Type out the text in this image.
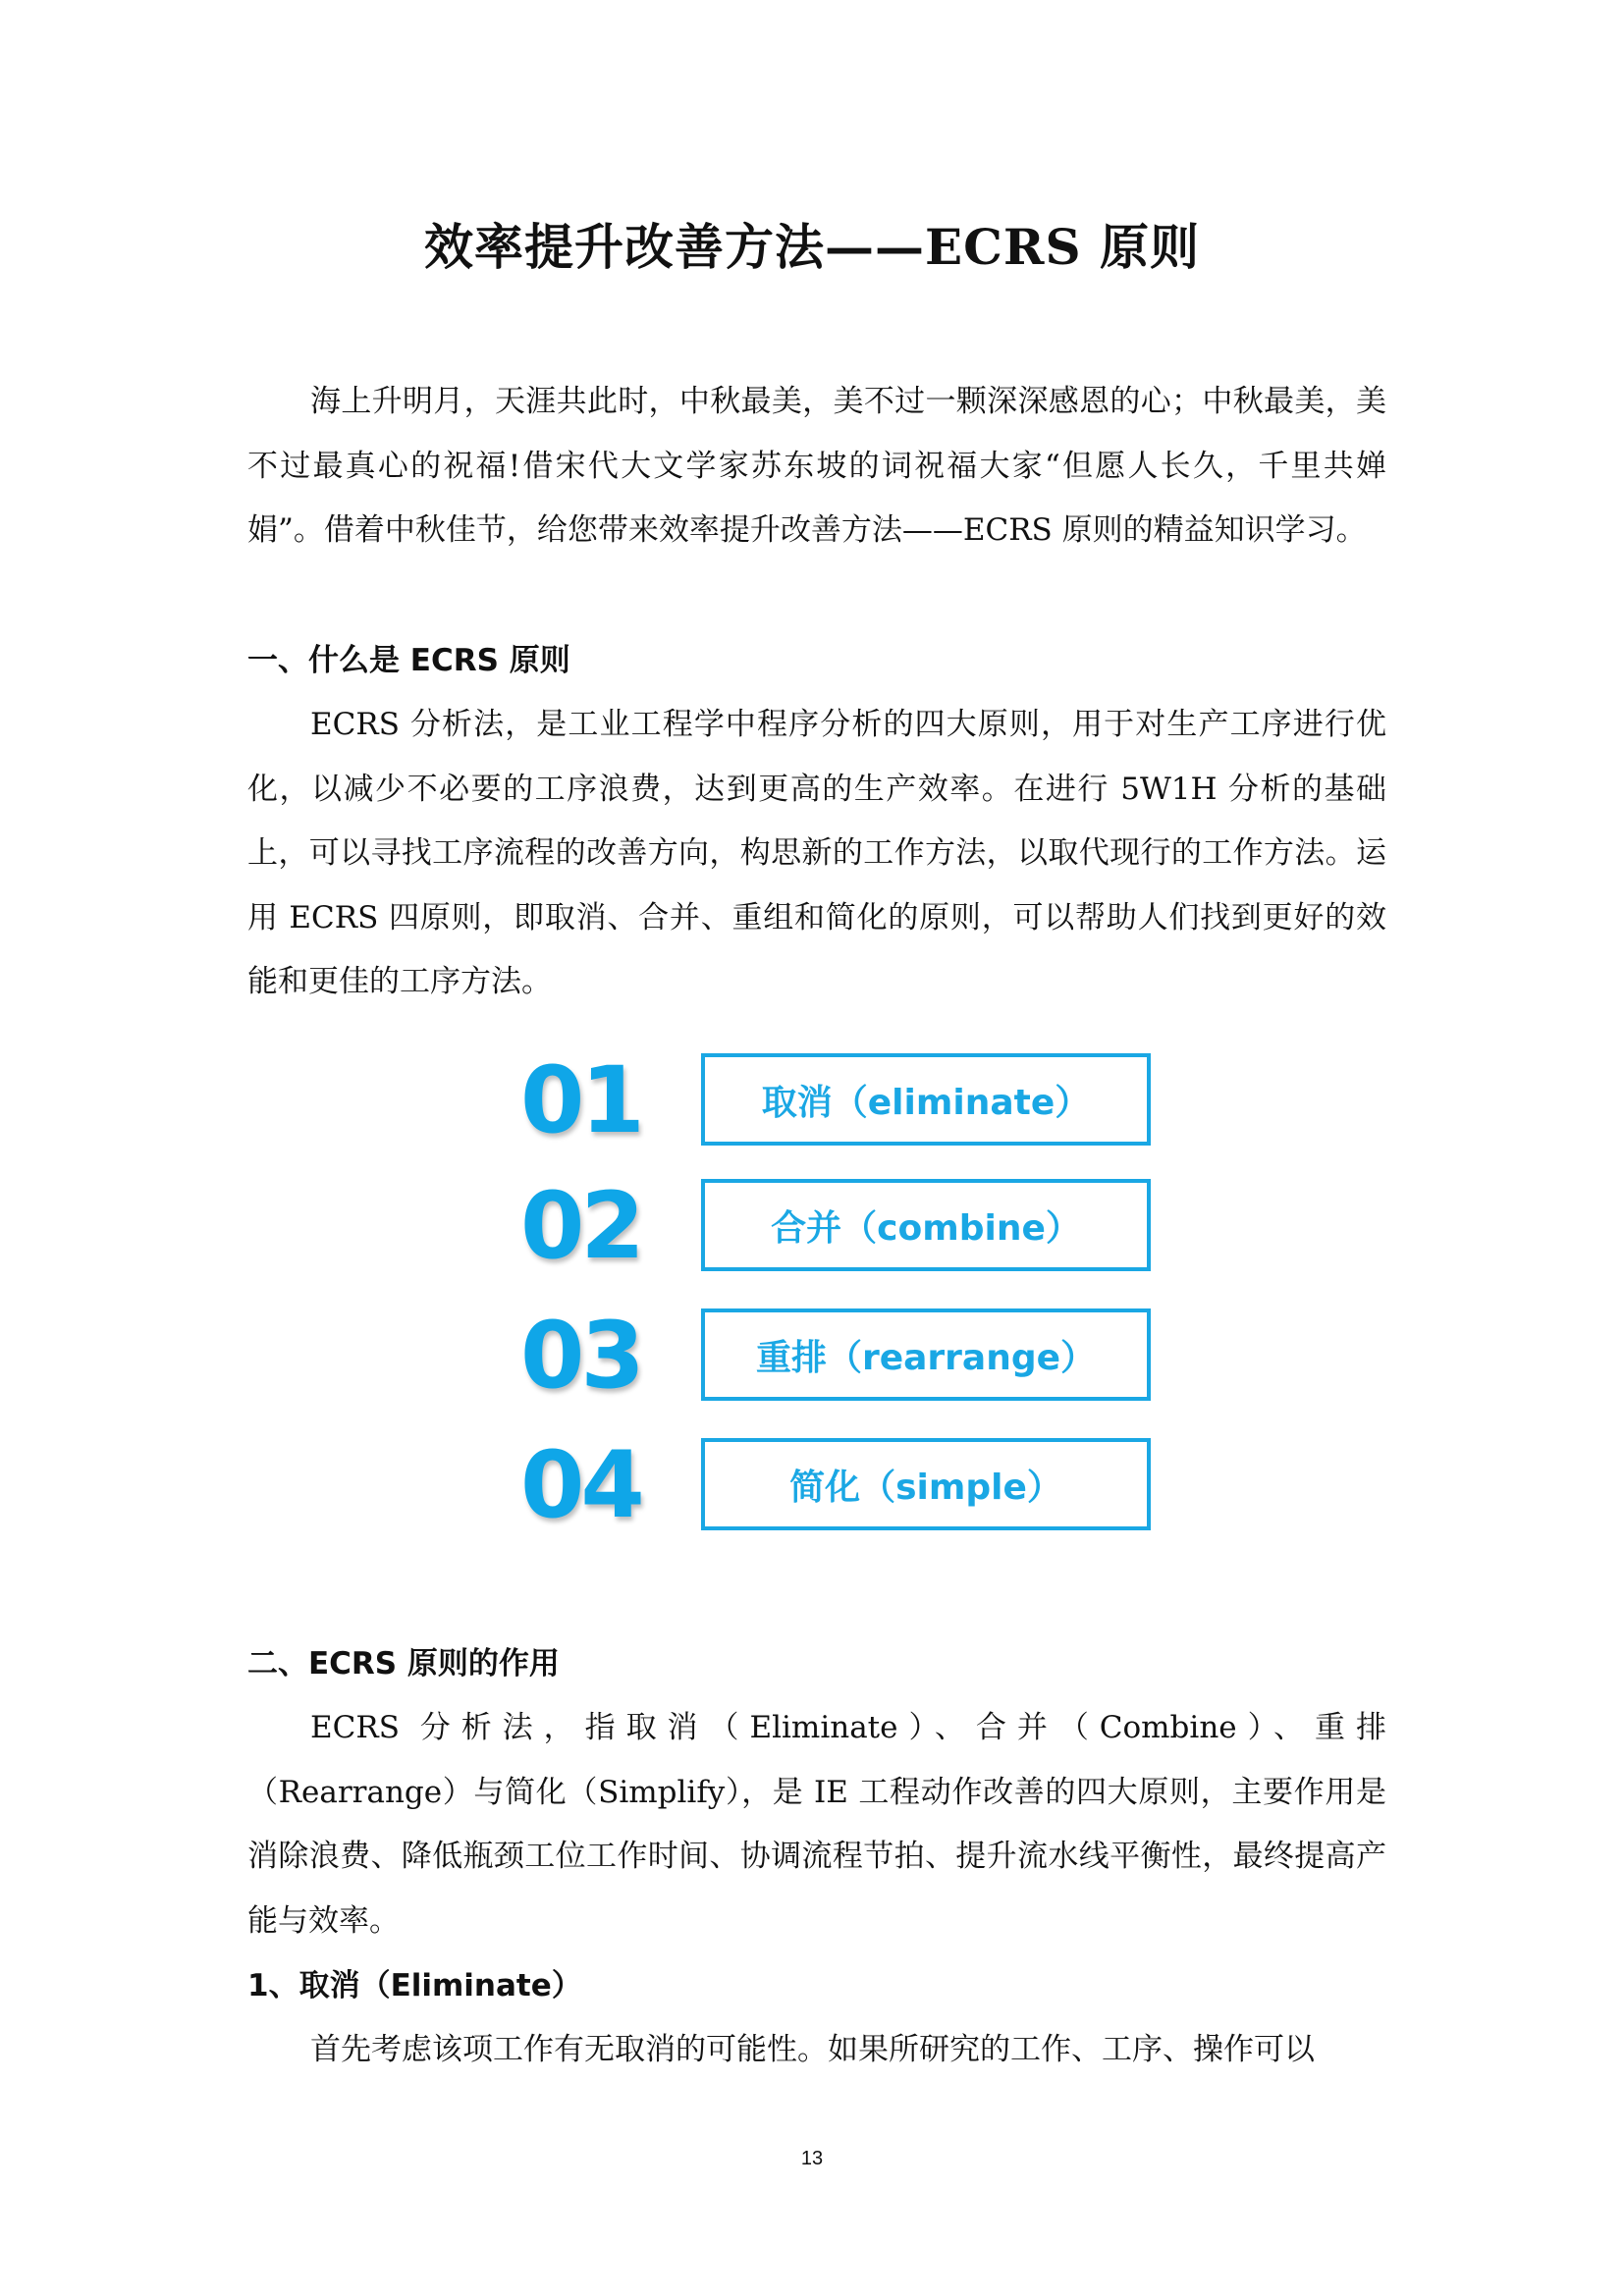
效率提升改善方法——ECRS 原则

海上升明月，天涯共此时，中秋最美，美不过一颗深深感恩的心；中秋最美，美不过最真心的祝福!借宋代大文学家苏东坡的词祝福大家“但愿人长久，千里共婵娟”。借着中秋佳节，给您带来效率提升改善方法——ECRS 原则的精益知识学习。

一、什么是 ECRS 原则

ECRS 分析法，是工业工程学中程序分析的四大原则，用于对生产工序进行优化，以减少不必要的工序浪费，达到更高的生产效率。在进行 5W1H 分析的基础上，可以寻找工序流程的改善方向，构思新的工作方法，以取代现行的工作方法。运用 ECRS 四原则，即取消、合并、重组和简化的原则，可以帮助人们找到更好的效能和更佳的工序方法。

01	取消（eliminate）
02	合并（combine）
03	重排（rearrange）
04	简化（simple）
二、ECRS 原则的作用

ECRS 分析法，指取消（Eliminate）、合并（Combine）、重排（Rearrange）与简化（Simplify），是 IE 工程动作改善的四大原则，主要作用是消除浪费、降低瓶颈工位工作时间、协调流程节拍、提升流水线平衡性，最终提高产能与效率。

1、取消（Eliminate）

首先考虑该项工作有无取消的可能性。如果所研究的工作、工序、操作可以

13
